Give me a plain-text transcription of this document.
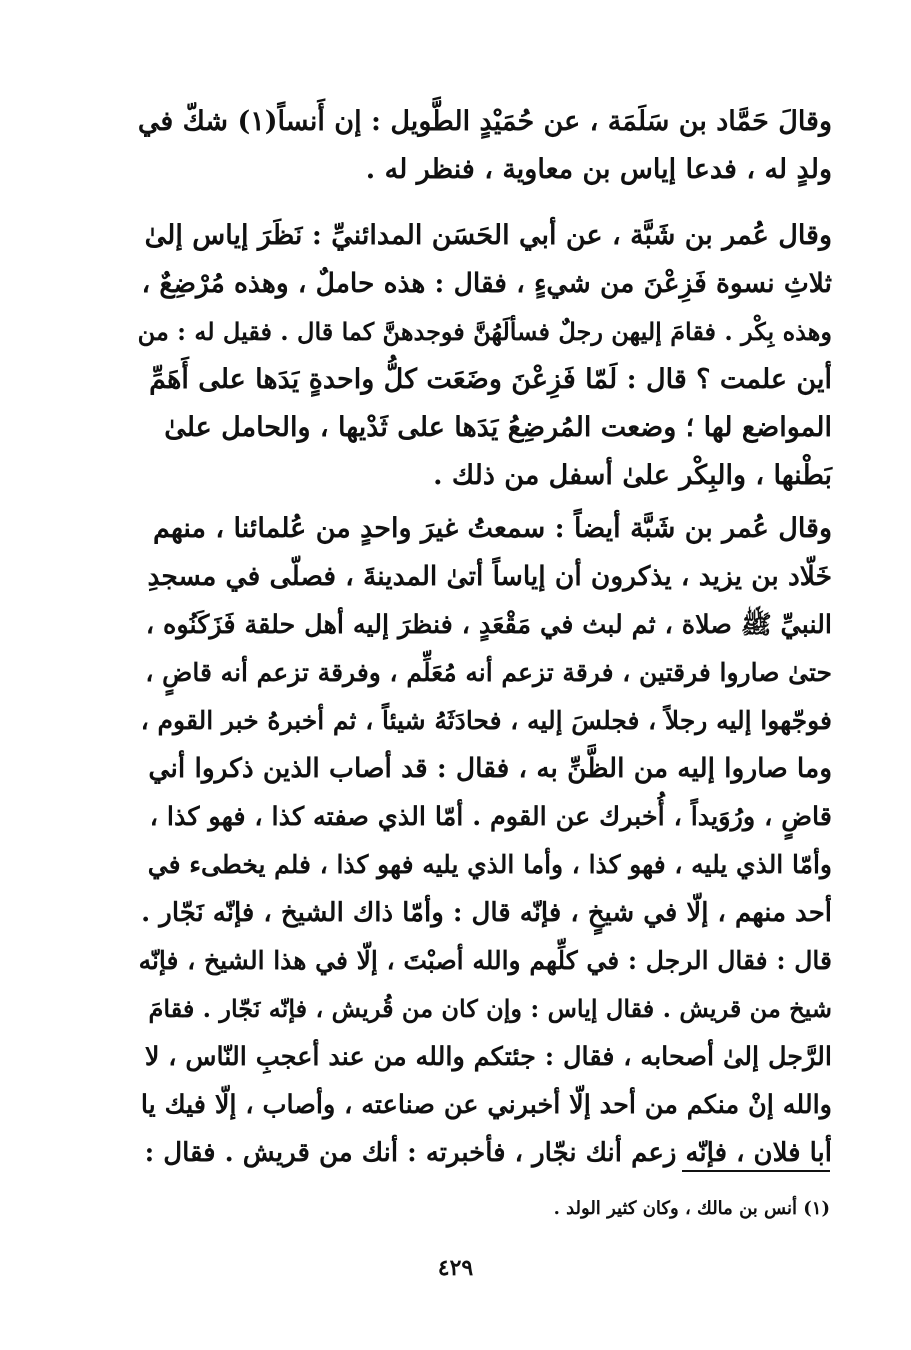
وقالَ حَمَّاد بن سَلَمَة ، عن حُمَيْدٍ الطَّويل : إن أَنساً(١) شكّ في
ولدٍ له ، فدعا إياس بن معاوية ، فنظر له .
وقال عُمر بن شَبَّة ، عن أبي الحَسَن المدائنيِّ : نَظَرَ إياس إلىٰ
ثلاثِ نسوة فَزِعْنَ من شيءٍ ، فقال : هذه حاملٌ ، وهذه مُرْضِعٌ ،
وهذه بِكْر . فقامَ إليهن رجلٌ فسألَهُنَّ فوجدهنَّ كما قال . فقيل له : من
أين علمت ؟ قال : لَمّا فَزِعْنَ وضَعَت كلُّ واحدةٍ يَدَها على أَهَمِّ
المواضع لها ؛ وضعت المُرضِعُ يَدَها على ثَدْيها ، والحامل علىٰ
بَطْنها ، والبِكْر علىٰ أسفل من ذلك .
وقال عُمر بن شَبَّة أيضاً : سمعتُ غيرَ واحدٍ من عُلمائنا ، منهم
خَلّاد بن يزيد ، يذكرون أن إياساً أتىٰ المدينةَ ، فصلّى في مسجدِ
النبيِّ ﷺ صلاة ، ثم لبث في مَقْعَدٍ ، فنظرَ إليه أهل حلقة فَزَكَنُوه ،
حتىٰ صاروا فرقتين ، فرقة تزعم أنه مُعَلِّم ، وفرقة تزعم أنه قاضٍ ،
فوجّهوا إليه رجلاً ، فجلسَ إليه ، فحادَثَهُ شيئاً ، ثم أخبرهُ خبر القوم ،
وما صاروا إليه من الظَّنِّ به ، فقال : قد أصاب الذين ذكروا أني
قاضٍ ، ورُوَيداً ، أُخبرك عن القوم . أمّا الذي صفته كذا ، فهو كذا ،
وأمّا الذي يليه ، فهو كذا ، وأما الذي يليه فهو كذا ، فلم يخطىء في
أحد منهم ، إلّا في شيخٍ ، فإنّه قال : وأمّا ذاك الشيخ ، فإنّه نَجّار .
قال : فقال الرجل : في كلِّهم والله أصبْتَ ، إلّا في هذا الشيخ ، فإنّه
شيخ من قريش . فقال إياس : وإن كان من قُريش ، فإنّه نَجّار . فقامَ
الرَّجل إلىٰ أصحابه ، فقال : جئتكم والله من عند أعجبِ النّاس ، لا
والله إنْ منكم من أحد إلّا أخبرني عن صناعته ، وأصاب ، إلّا فيك يا
أبا فلان ، فإنّه زعم أنك نجّار ، فأخبرته : أنك من قريش . فقال :
(١) أنس بن مالك ، وكان كثير الولد .
٤٢٩
